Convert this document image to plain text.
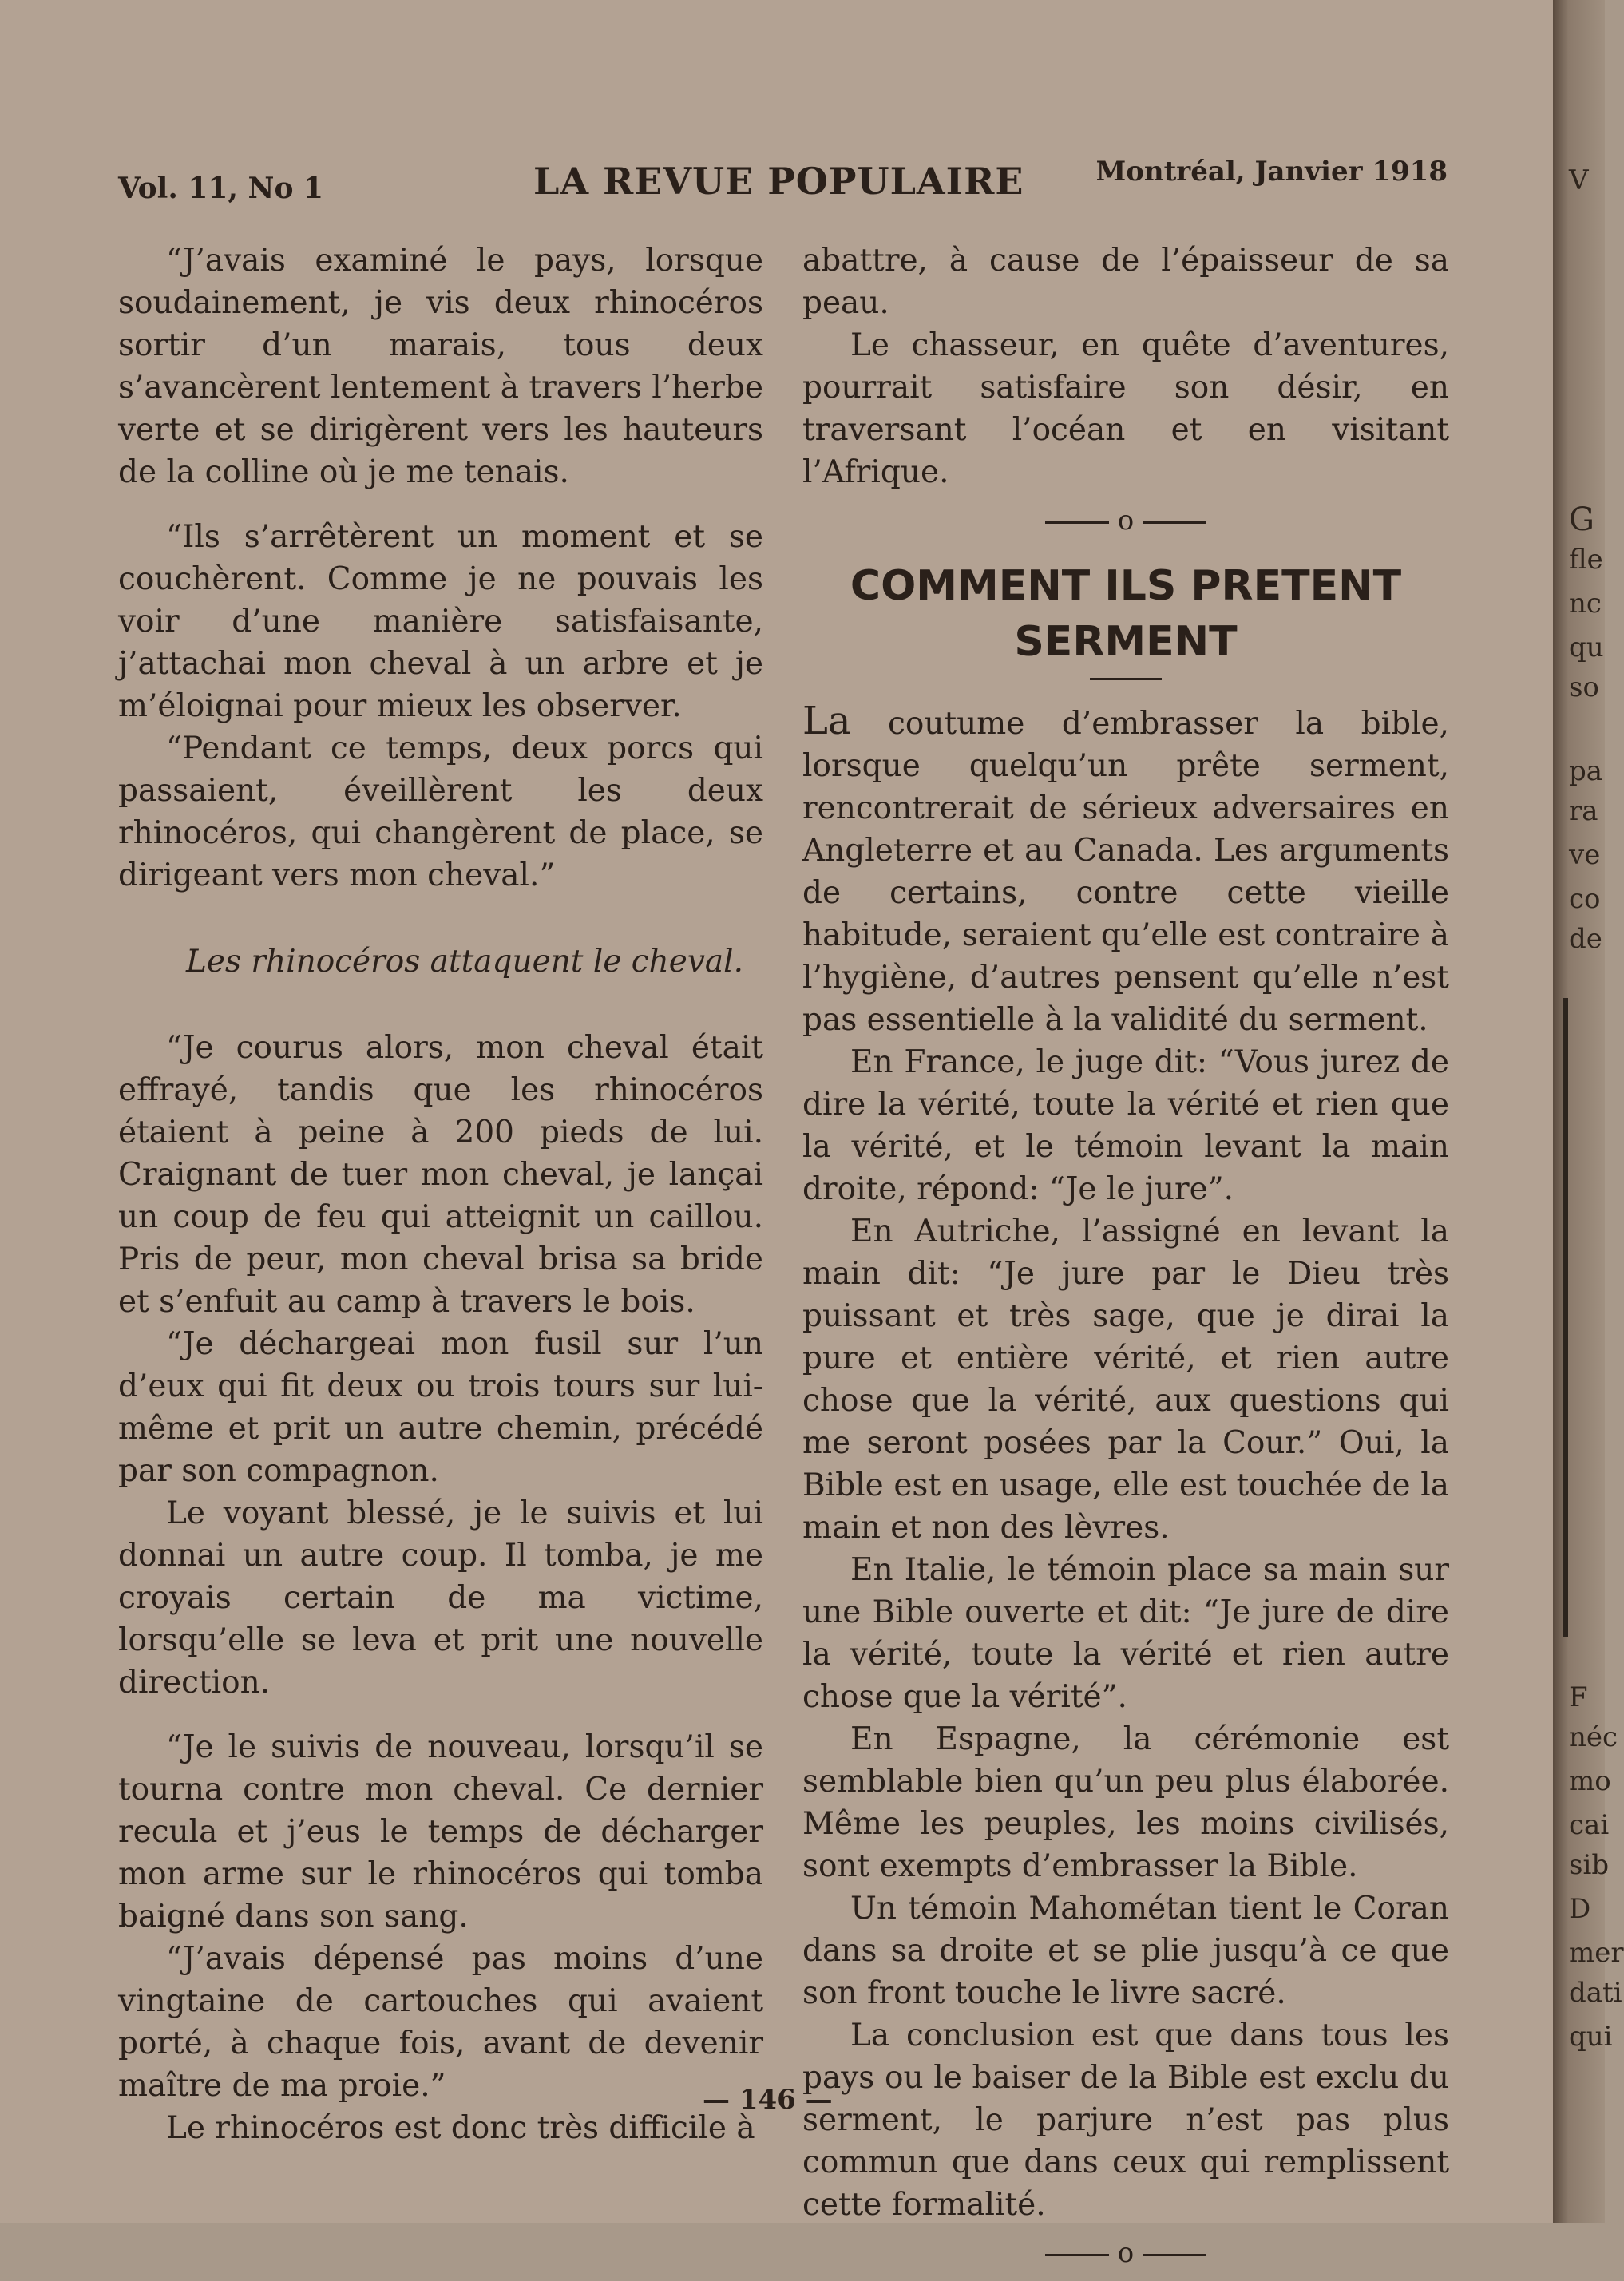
Vol. 11, No 1	LA REVUE POPULAIRE	Montréal, Janvier 1918

“J’avais examiné le pays, lorsque soudainement, je vis deux rhinocéros sortir d’un marais, tous deux s’avancèrent lentement à travers l’herbe verte et se dirigèrent vers les hauteurs de la colline où je me tenais.

“Ils s’arrêtèrent un moment et se couchèrent. Comme je ne pouvais les voir d’une manière satisfaisante, j’attachai mon cheval à un arbre et je m’éloignai pour mieux les observer.

“Pendant ce temps, deux porcs qui passaient, éveillèrent les deux rhinocéros, qui changèrent de place, se dirigeant vers mon cheval.”

Les rhinocéros attaquent le cheval.

“Je courus alors, mon cheval était effrayé, tandis que les rhinocéros étaient à peine à 200 pieds de lui. Craignant de tuer mon cheval, je lançai un coup de feu qui atteignit un caillou. Pris de peur, mon cheval brisa sa bride et s’enfuit au camp à travers le bois.

“Je déchargeai mon fusil sur l’un d’eux qui fit deux ou trois tours sur lui-même et prit un autre chemin, précédé par son compagnon.

Le voyant blessé, je le suivis et lui donnai un autre coup. Il tomba, je me croyais certain de ma victime, lorsqu’elle se leva et prit une nouvelle direction.

“Je le suivis de nouveau, lorsqu’il se tourna contre mon cheval. Ce dernier recula et j’eus le temps de décharger mon arme sur le rhinocéros qui tomba baigné dans son sang.

“J’avais dépensé pas moins d’une vingtaine de cartouches qui avaient porté, à chaque fois, avant de devenir maître de ma proie.”

Le rhinocéros est donc très difficile à

abattre, à cause de l’épaisseur de sa peau.

Le chasseur, en quête d’aventures, pourrait satisfaire son désir, en traversant l’océan et en visitant l’Afrique.

o
COMMENT ILS PRETENT SERMENT

La coutume d’embrasser la bible, lorsque quelqu’un prête serment, rencontrerait de sérieux adversaires en Angleterre et au Canada. Les arguments de certains, contre cette vieille habitude, seraient qu’elle est contraire à l’hygiène, d’autres pensent qu’elle n’est pas essentielle à la validité du serment.

En France, le juge dit: “Vous jurez de dire la vérité, toute la vérité et rien que la vérité, et le témoin levant la main droite, répond: “Je le jure”.

En Autriche, l’assigné en levant la main dit: “Je jure par le Dieu très puissant et très sage, que je dirai la pure et entière vérité, et rien autre chose que la vérité, aux questions qui me seront posées par la Cour.” Oui, la Bible est en usage, elle est touchée de la main et non des lèvres.

En Italie, le témoin place sa main sur une Bible ouverte et dit: “Je jure de dire la vérité, toute la vérité et rien autre chose que la vérité”.

En Espagne, la cérémonie est semblable bien qu’un peu plus élaborée. Même les peuples, les moins civilisés, sont exempts d’embrasser la Bible.

Un témoin Mahométan tient le Coran dans sa droite et se plie jusqu’à ce que son front touche le livre sacré.

La conclusion est que dans tous les pays ou le baiser de la Bible est exclu du serment, le parjure n’est pas plus commun que dans ceux qui remplissent cette formalité.

o
— 146 —
V
G
fle
nc
qu
so
pa
ra
ve
co
de
F
néc
mo
cai
sib
D
mer
dati
qui
